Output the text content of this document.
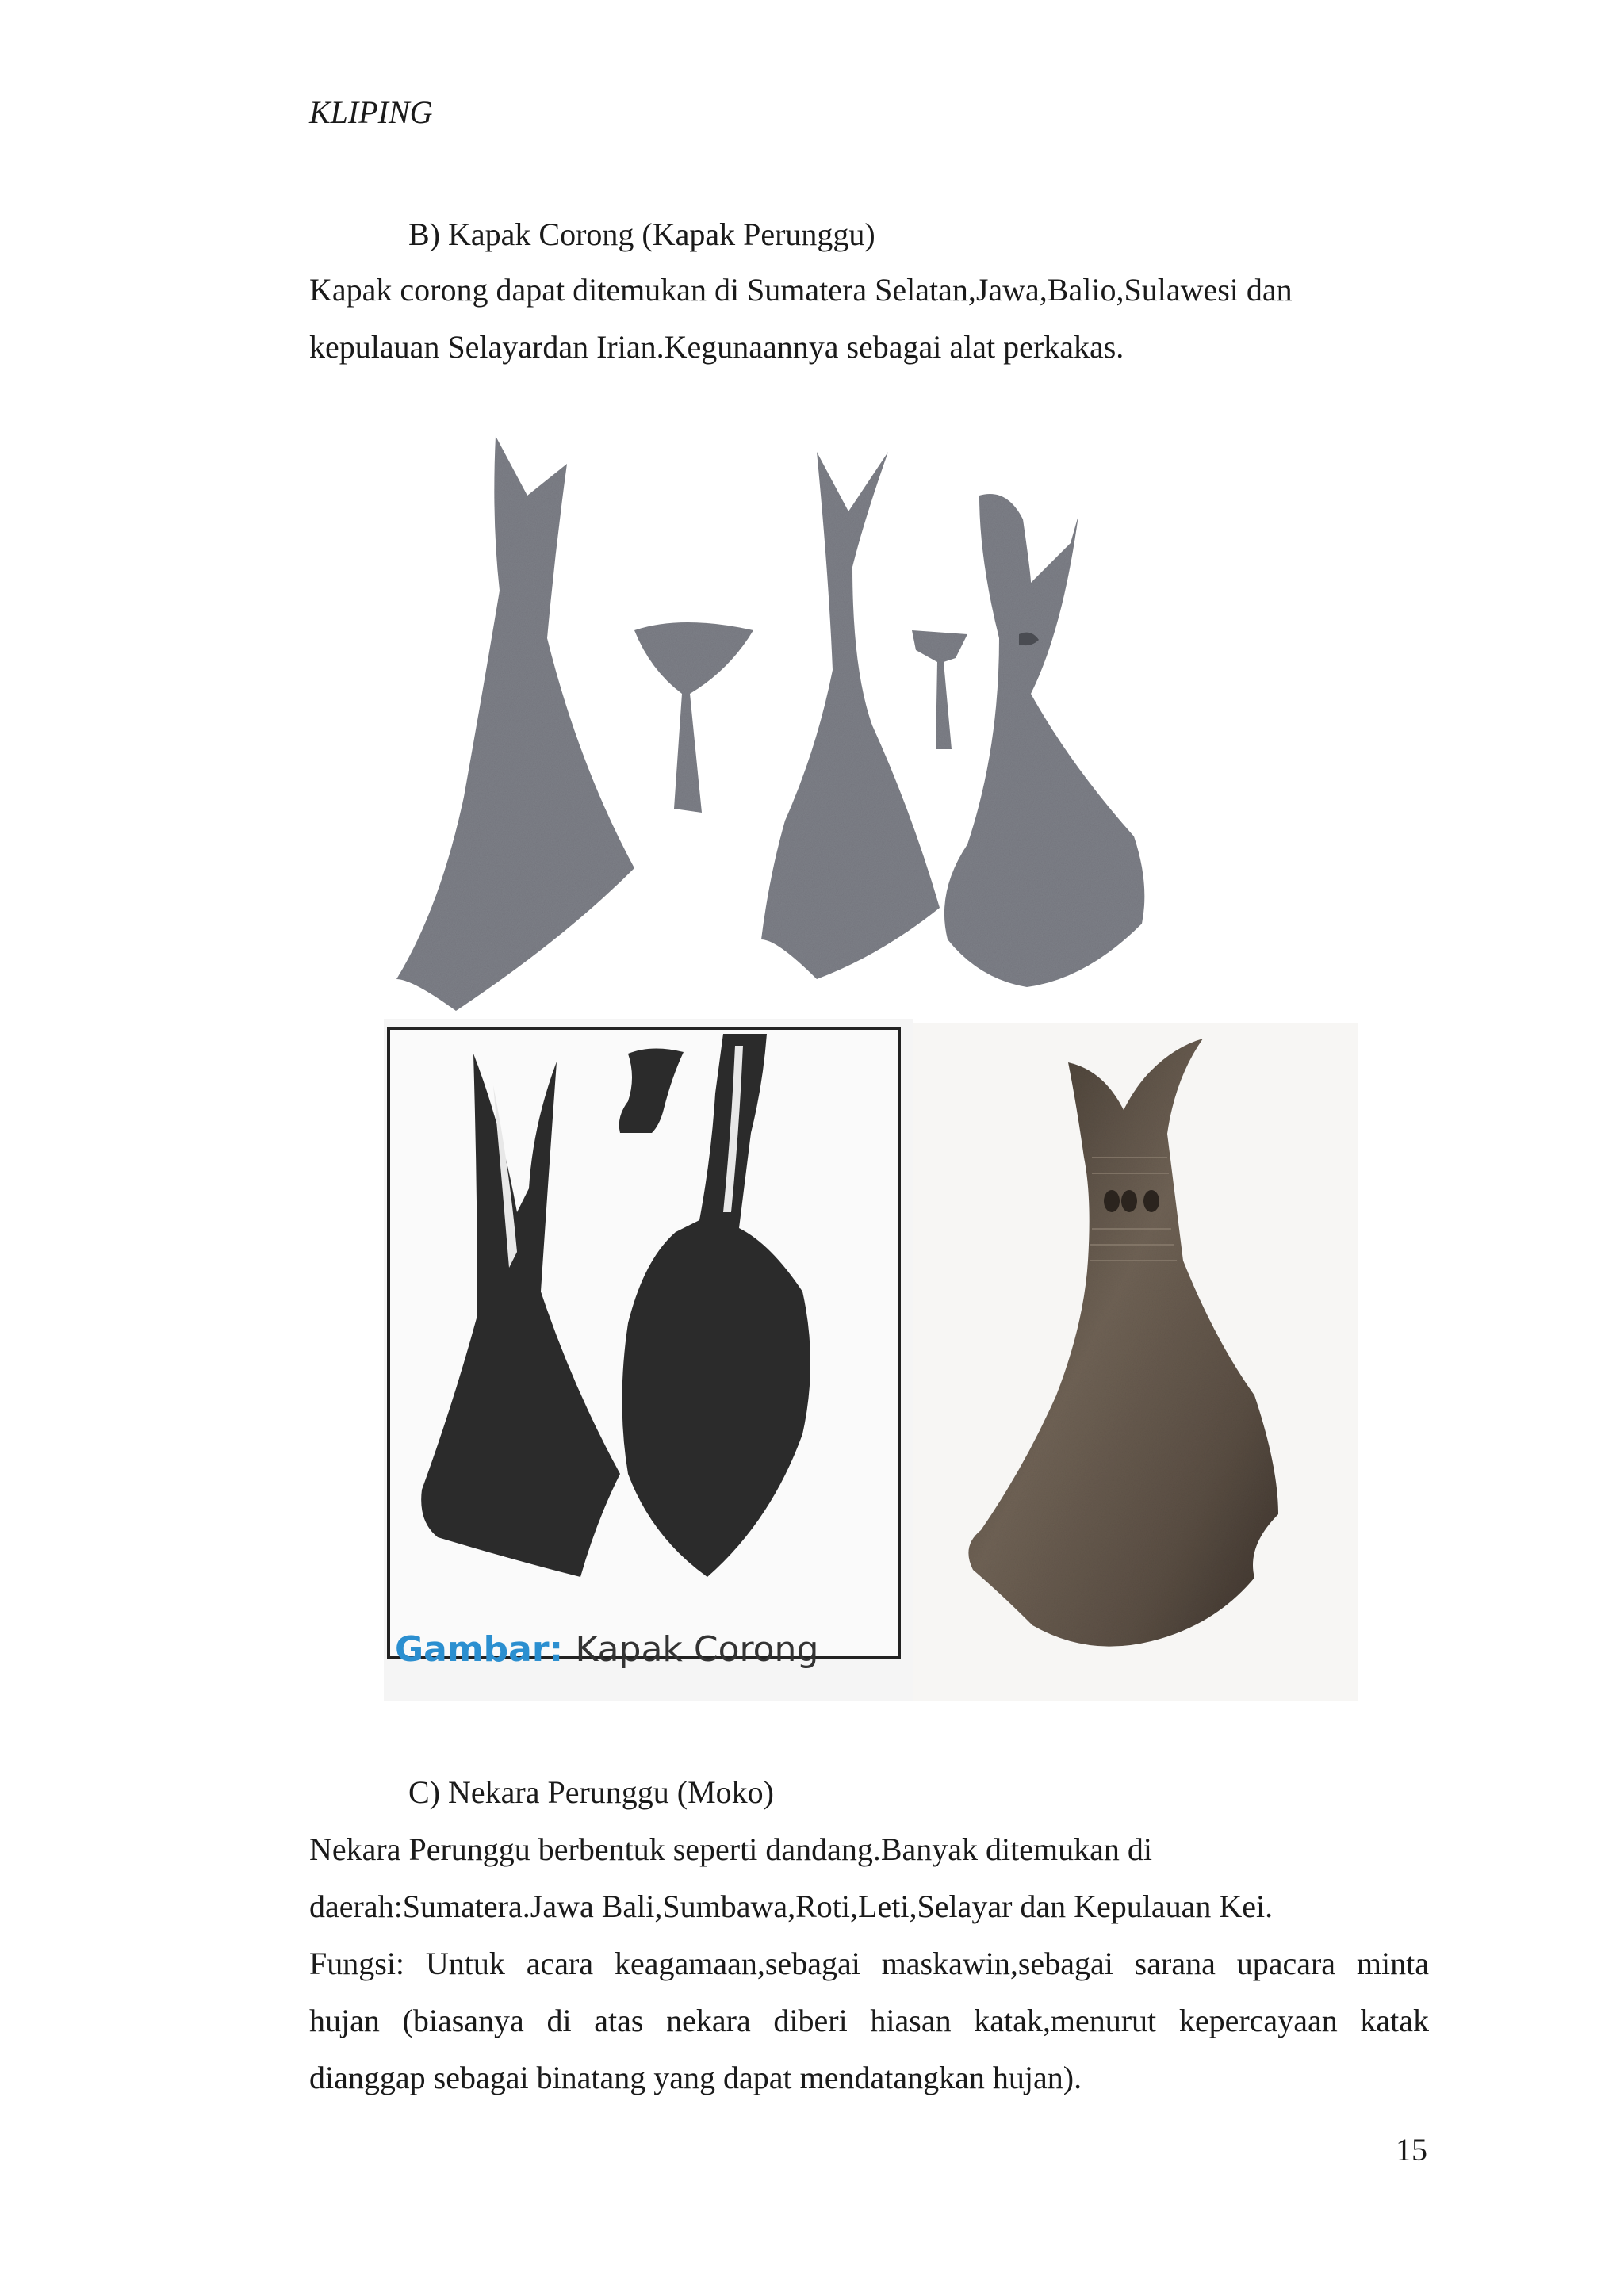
KLIPING
B) Kapak Corong (Kapak Perunggu)
Kapak corong dapat ditemukan di Sumatera Selatan,Jawa,Balio,Sulawesi dan
kepulauan Selayardan Irian.Kegunaannya sebagai alat perkakas.
Gambar: Kapak Corong
C) Nekara Perunggu (Moko)
Nekara Perunggu berbentuk seperti dandang.Banyak ditemukan di
daerah:Sumatera.Jawa Bali,Sumbawa,Roti,Leti,Selayar dan Kepulauan Kei.
Fungsi: Untuk acara keagamaan,sebagai maskawin,sebagai sarana upacara minta
hujan (biasanya di atas nekara diberi hiasan katak,menurut kepercayaan katak
dianggap sebagai binatang yang dapat mendatangkan hujan).
15
